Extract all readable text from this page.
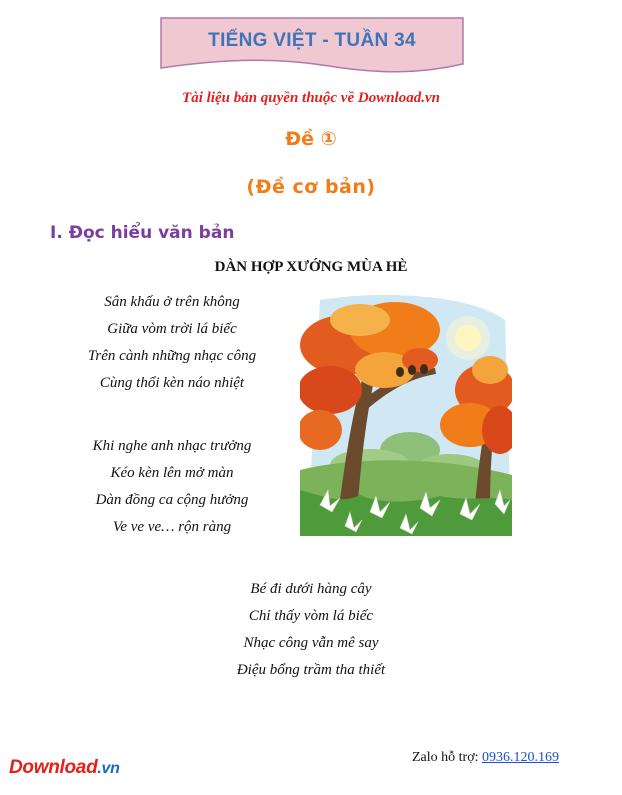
TIẾNG VIỆT - TUẦN 34
Tài liệu bản quyền thuộc về Download.vn
Đề ①
(Đề cơ bản)
I. Đọc hiểu văn bản
DÀN HỢP XƯỚNG MÙA HÈ
Sân khấu ở trên không
Giữa vòm trời lá biếc
Trên cành những nhạc công
Cùng thổi kèn náo nhiệt
Khi nghe anh nhạc trưởng
Kéo kèn lên mở màn
Dàn đồng ca cộng hưởng
Ve ve ve… rộn ràng
Bé đi dưới hàng cây
Chỉ thấy vòm lá biếc
Nhạc công vẫn mê say
Điệu bổng trầm tha thiết
Download.vn
Zalo hỗ trợ: 0936.120.169
